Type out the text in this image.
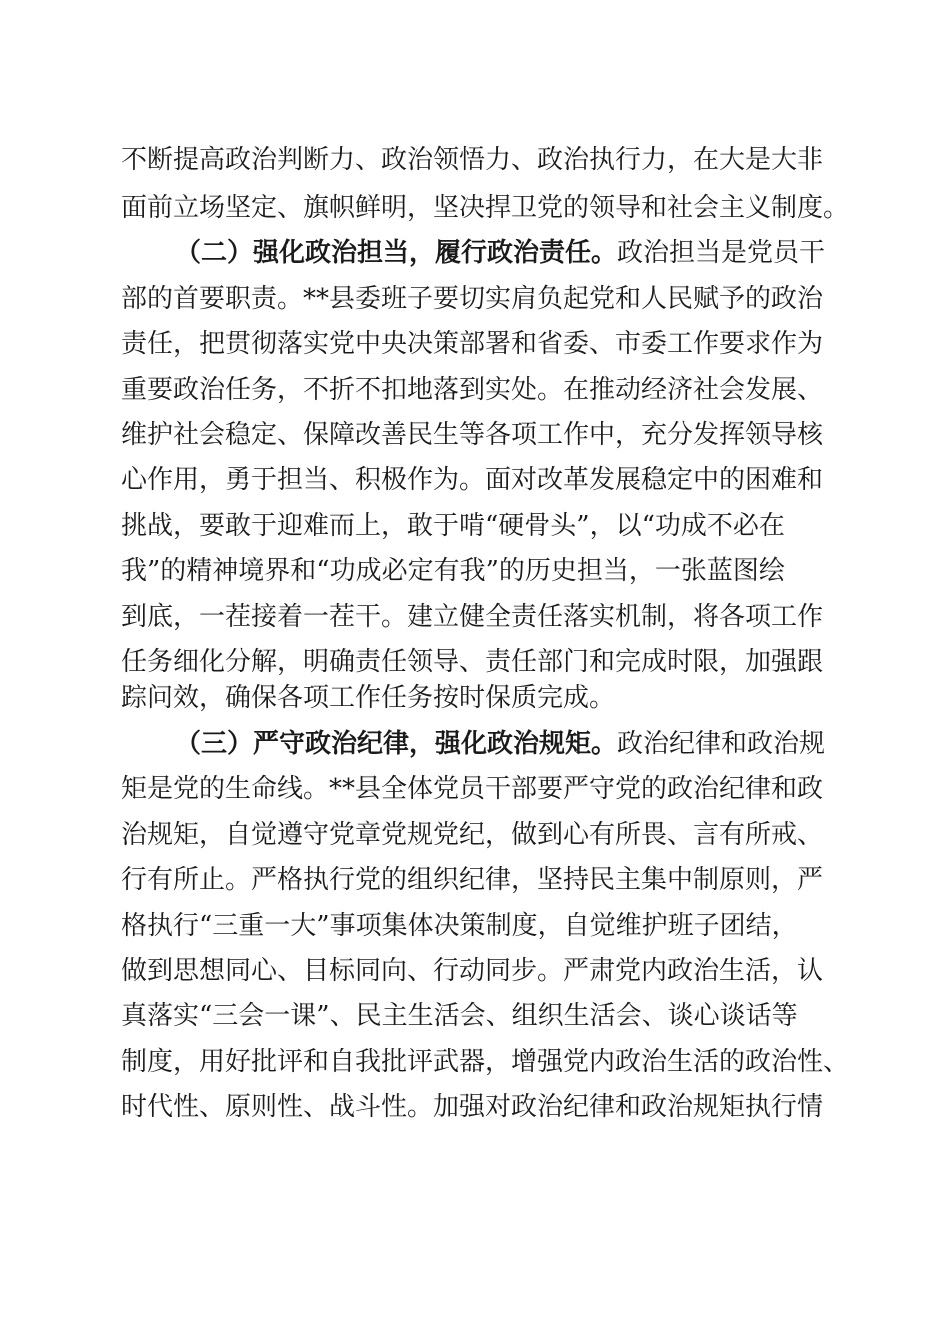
不断提高政治判断力、政治领悟力、政治执行力，在大是大非
面前立场坚定、旗帜鲜明，坚决捍卫党的领导和社会主义制度。
（二）强化政治担当，履行政治责任。 政治担当是党员干
部的首要职责。**县委班子要切实肩负起党和人民赋予的政治
责任，把贯彻落实党中央决策部署和省委、市委工作要求作为
重要政治任务，不折不扣地落到实处。在推动经济社会发展、
维护社会稳定、保障改善民生等各项工作中，充分发挥领导核
心作用，勇于担当、积极作为。面对改革发展稳定中的困难和
挑战，要敢于迎难而上，敢于啃“硬骨头”，以“功成不必在
我”的精神境界和“功成必定有我”的历史担当，一张蓝图绘
到底，一茬接着一茬干。建立健全责任落实机制，将各项工作
任务细化分解，明确责任领导、责任部门和完成时限，加强跟
踪问效，确保各项工作任务按时保质完成。
（三）严守政治纪律，强化政治规矩。 政治纪律和政治规
矩是党的生命线。**县全体党员干部要严守党的政治纪律和政
治规矩，自觉遵守党章党规党纪，做到心有所畏、言有所戒、
行有所止。严格执行党的组织纪律，坚持民主集中制原则，严
格执行“三重一大”事项集体决策制度，自觉维护班子团结，
做到思想同心、目标同向、行动同步。严肃党内政治生活，认
真落实“三会一课”、民主生活会、组织生活会、谈心谈话等
制度，用好批评和自我批评武器，增强党内政治生活的政治性、
时代性、原则性、战斗性。加强对政治纪律和政治规矩执行情
